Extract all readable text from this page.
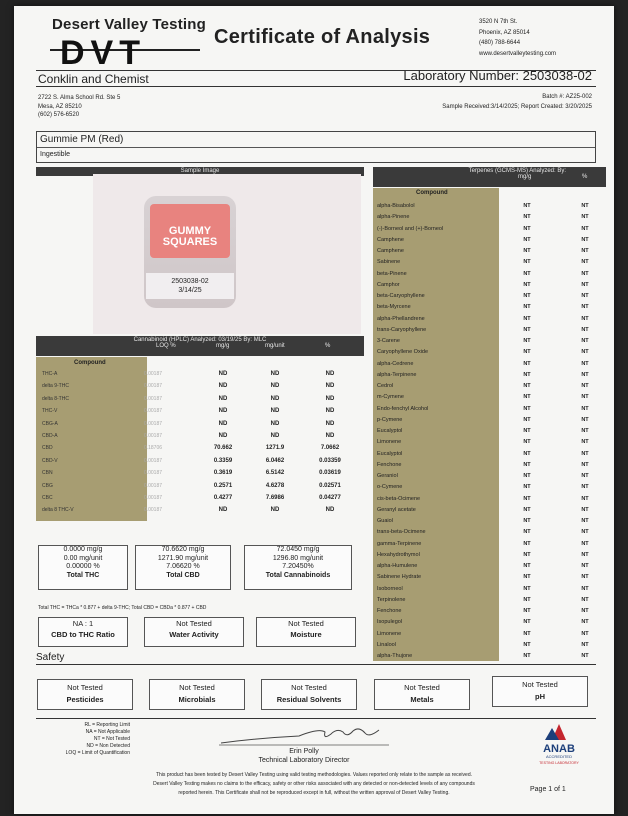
Desert Valley Testing
DVT	Certificate of Analysis
3520 N 7th St.
Phoenix, AZ 85014
(480) 788-6644
www.desertvalleytesting.com
Conklin and Chemist
2722 S. Alma School Rd. Ste 5
Mesa, AZ 85210
(602) 576-6520
Laboratory Number: 2503038-02
Batch #: AZ25-002
Sample Received:3/14/2025; Report Created: 3/20/2025
Gummie PM (Red)
Ingestible
Sample Image
GUMMY
SQUARES
2503038-02
3/14/25
Cannabinoid (HPLC) Analyzed: 03/19/25 By: MLC
LOQ %	mg/g	mg/unit	%
Compound
THC-A	0.00187	ND	ND	ND
delta 9-THC	0.00187	ND	ND	ND
delta 8-THC	0.00187	ND	ND	ND
THC-V	0.00187	ND	ND	ND
CBG-A	0.00187	ND	ND	ND
CBD-A	0.00187	ND	ND	ND
CBD	0.18706	70.662	1271.9	7.0662
CBD-V	0.00187	0.3359	6.0462	0.03359
CBN	0.00187	0.3619	6.5142	0.03619
CBG	0.00187	0.2571	4.6278	0.02571
CBC	0.00187	0.4277	7.6986	0.04277
delta 8 THC-V	0.00187	ND	ND	ND
0.0000 mg/g
0.00 mg/unit
0.00000 %
Total THC
70.6620 mg/g
1271.90 mg/unit
7.06620 %
Total CBD
72.0450 mg/g
1296.80 mg/unit
7.20450%
Total Cannabinoids
Total THC = THCa * 0.877 + delta 9-THC; Total CBD = CBDa * 0.877 + CBD
NA : 1
CBD to THC Ratio
Not Tested
Water Activity
Not Tested
Moisture
Terpenes (GCMS-MS) Analyzed: By:
mg/g	%
Compound
alpha-Bisabolol	NT	NT
alpha-Pinene	NT	NT
(-)-Borneol and (+)-Borneol	NT	NT
Camphene	NT	NT
Camphene	NT	NT
Sabinene	NT	NT
beta-Pinene	NT	NT
Camphor	NT	NT
beta-Caryophyllene	NT	NT
beta-Myrcene	NT	NT
alpha-Phellandrene	NT	NT
trans-Caryophyllene	NT	NT
3-Carene	NT	NT
Caryophyllene Oxide	NT	NT
alpha-Cedrene	NT	NT
alpha-Terpinene	NT	NT
Cedrol	NT	NT
m-Cymene	NT	NT
Endo-fenchyl Alcohol	NT	NT
p-Cymene	NT	NT
Eucalyptol	NT	NT
Limonene	NT	NT
Eucalyptol	NT	NT
Fenchone	NT	NT
Geraniol	NT	NT
o-Cymene	NT	NT
cis-beta-Ocimene	NT	NT
Geranyl acetate	NT	NT
Guaiol	NT	NT
trans-beta-Ocimene	NT	NT
gamma-Terpinene	NT	NT
Hexahydrothymol	NT	NT
alpha-Humulene	NT	NT
Sabinene Hydrate	NT	NT
Isoborneol	NT	NT
Terpinolene	NT	NT
Fenchone	NT	NT
Isopulegol	NT	NT
Limonene	NT	NT
Linalool	NT	NT
alpha-Thujone	NT	NT
Safety
Not Tested
Pesticides
Not Tested
Microbials
Not Tested
Residual Solvents
Not Tested
Metals
Not Tested
pH
RL = Reporting Limit
NA = Not Applicable
NT = Not Tested
ND = Non Detected
LOQ = Limit of Quantification	Erin Polly
Technical Laboratory Director
ANAB
ACCREDITED
TESTING LABORATORY
This product has been tested by Desert Valley Testing using valid testing methodologies. Values reported only relate to the sample as received.
Desert Valley Testing makes no claims to the efficacy, safety or other risks associated with any detected or non-detected levels of any compounds
reported herein. This Certificate shall not be reproduced except in full, without the written approval of Desert Valley Testing.	Page 1 of 1
